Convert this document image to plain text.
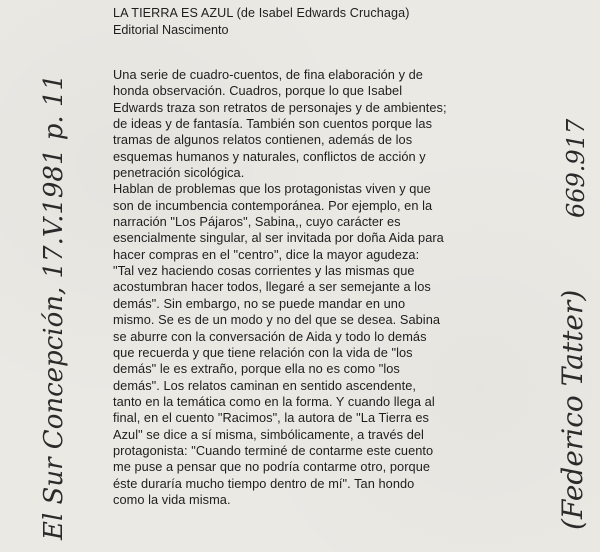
LA TIERRA ES AZUL (de Isabel Edwards Cruchaga)

Editorial Nascimento

Una serie de cuadro-cuentos, de fina elaboración y de
honda observación. Cuadros, porque lo que Isabel
Edwards traza son retratos de personajes y de ambientes;
de ideas y de fantasía. También son cuentos porque las
tramas de algunos relatos contienen, además de los
esquemas humanos y naturales, conflictos de acción y
penetración sicológica.

Hablan de problemas que los protagonistas viven y que
son de incumbencia contemporánea. Por ejemplo, en la
narración "Los Pájaros", Sabina,, cuyo carácter es
esencialmente singular, al ser invitada por doña Aida para
hacer compras en el "centro", dice la mayor agudeza:
"Tal vez haciendo cosas corrientes y las mismas que
acostumbran hacer todos, llegaré a ser semejante a los
demás". Sin embargo, no se puede mandar en uno
mismo. Se es de un modo y no del que se desea. Sabina
se aburre con la conversación de Aida y todo lo demás
que recuerda y que tiene relación con la vida de "los
demás" le es extraño, porque ella no es como "los
demás". Los relatos caminan en sentido ascendente,
tanto en la temática como en la forma. Y cuando llega al
final, en el cuento "Racimos", la autora de "La Tierra es
Azul" se dice a sí misma, simbólicamente, a través del
protagonista: "Cuando terminé de contarme este cuento
me puse a pensar que no podría contarme otro, porque
éste duraría mucho tiempo dentro de mí". Tan hondo
como la vida misma.

El Sur Concepción, 17.V.1981 p. 11	(Federico Tatter)
669.917
